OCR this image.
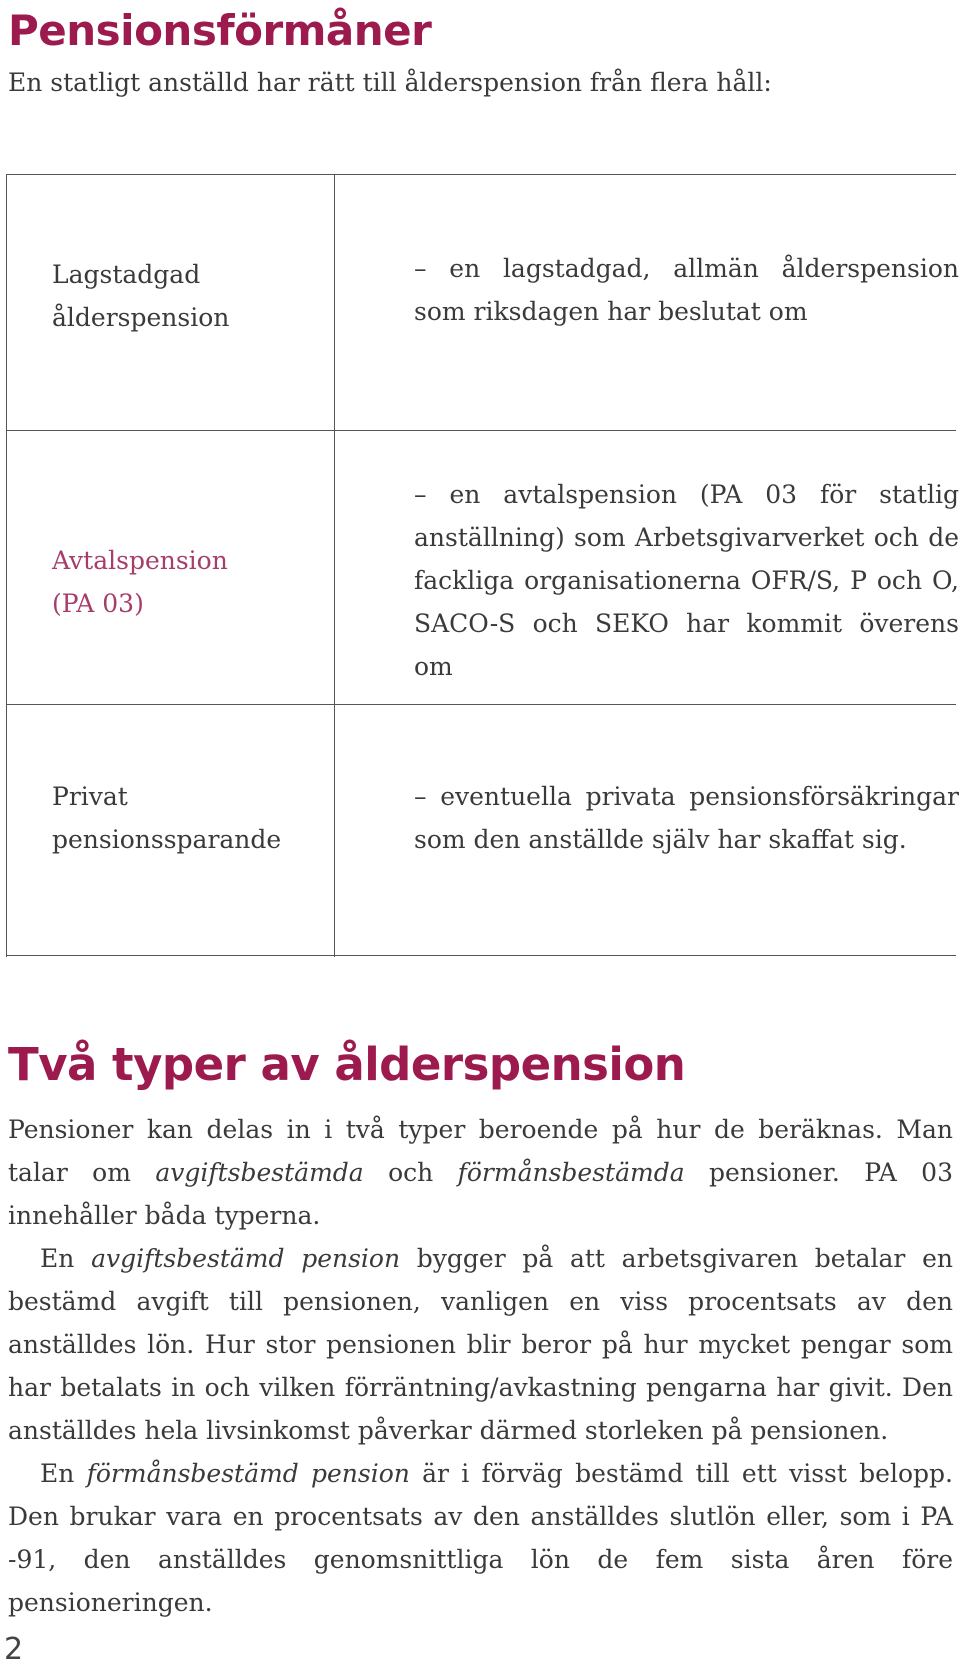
Pensionsförmåner

En statligt anställd har rätt till ålderspension från flera håll:

Lagstadgad
ålderspension

– en lagstadgad, allmän ålderspension som riksdagen har beslutat om

Avtalspension
(PA 03)

– en avtalspension (PA 03 för statlig anställning) som Arbetsgivarverket och de fackliga organisationerna OFR/S, P och O, SACO-S och SEKO har kommit överens om

Privat
pensionssparande

– eventuella privata pensionsförsäkringar som den anställde själv har skaffat sig.

Två typer av ålderspension

Pensioner kan delas in i två typer beroende på hur de beräknas. Man talar om avgiftsbestämda och förmånsbestämda pensioner. PA 03 innehåller båda typerna.

En avgiftsbestämd pension bygger på att arbetsgivaren betalar en bestämd avgift till pensionen, vanligen en viss procentsats av den anställdes lön. Hur stor pensionen blir beror på hur mycket pengar som har betalats in och vilken förräntning/avkastning pengarna har givit. Den anställdes hela livsinkomst påverkar därmed storleken på pensionen.

En förmånsbestämd pension är i förväg bestämd till ett visst belopp. Den brukar vara en procentsats av den anställdes slutlön eller, som i PA -91, den anställdes genomsnittliga lön de fem sista åren före pensioneringen.

2
